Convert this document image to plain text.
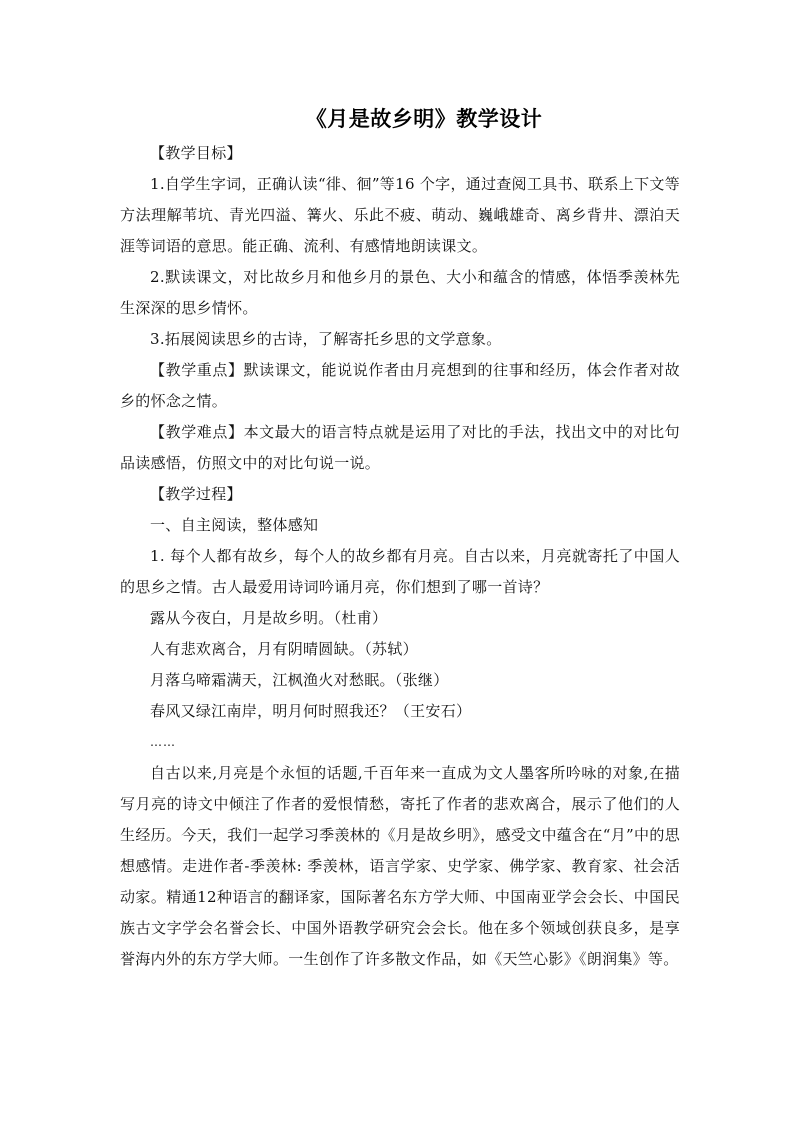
《月是故乡明》教学设计

【教学目标】

1.自学生字词，正确认读“徘、徊”等16 个字，通过查阅工具书、联系上下文等方法理解苇坑、青光四溢、篝火、乐此不疲、萌动、巍峨雄奇、离乡背井、漂泊天涯等词语的意思。能正确、流利、有感情地朗读课文。

2.默读课文，对比故乡月和他乡月的景色、大小和蕴含的情感，体悟季羡林先生深深的思乡情怀。

3.拓展阅读思乡的古诗，了解寄托乡思的文学意象。

【教学重点】默读课文，能说说作者由月亮想到的往事和经历，体会作者对故乡的怀念之情。

【教学难点】本文最大的语言特点就是运用了对比的手法，找出文中的对比句品读感悟，仿照文中的对比句说一说。

【教学过程】

一、自主阅读，整体感知

1. 每个人都有故乡，每个人的故乡都有月亮。自古以来，月亮就寄托了中国人的思乡之情。古人最爱用诗词吟诵月亮，你们想到了哪一首诗？

露从今夜白，月是故乡明。（杜甫）

人有悲欢离合，月有阴晴圆缺。（苏轼）

月落乌啼霜满天，江枫渔火对愁眠。（张继）

春风又绿江南岸，明月何时照我还？（王安石）

……

自古以来,月亮是个永恒的话题,千百年来一直成为文人墨客所吟咏的对象,在描写月亮的诗文中倾注了作者的爱恨情愁，寄托了作者的悲欢离合，展示了他们的人生经历。今天，我们一起学习季羡林的《月是故乡明》，感受文中蕴含在“月”中的思想感情。走进作者-季羡林: 季羡林，语言学家、史学家、佛学家、教育家、社会活动家。精通12种语言的翻译家，国际著名东方学大师、中国南亚学会会长、中国民族古文字学会名誉会长、中国外语教学研究会会长。他在多个领域创获良多，是享誉海内外的东方学大师。一生创作了许多散文作品，如《天竺心影》《朗润集》等。
